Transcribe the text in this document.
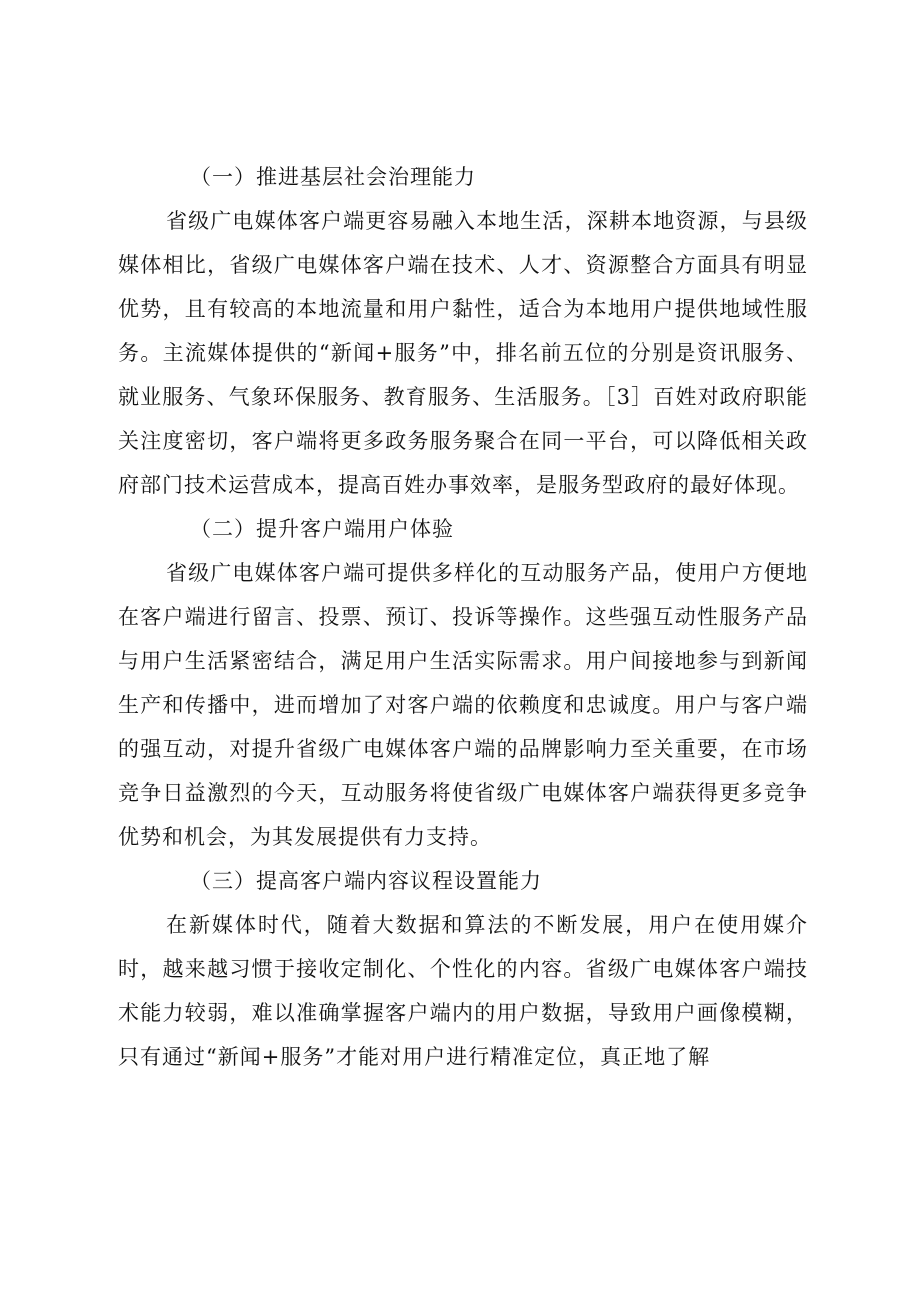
（一）推进基层社会治理能力

省级广电媒体客户端更容易融入本地生活，深耕本地资源，与县级媒体相比，省级广电媒体客户端在技术、人才、资源整合方面具有明显优势，且有较高的本地流量和用户黏性，适合为本地用户提供地域性服务。主流媒体提供的“新闻+服务”中，排名前五位的分别是资讯服务、就业服务、气象环保服务、教育服务、生活服务。［3］百姓对政府职能关注度密切，客户端将更多政务服务聚合在同一平台，可以降低相关政府部门技术运营成本，提高百姓办事效率，是服务型政府的最好体现。

（二）提升客户端用户体验

省级广电媒体客户端可提供多样化的互动服务产品，使用户方便地在客户端进行留言、投票、预订、投诉等操作。这些强互动性服务产品与用户生活紧密结合，满足用户生活实际需求。用户间接地参与到新闻生产和传播中，进而增加了对客户端的依赖度和忠诚度。用户与客户端的强互动，对提升省级广电媒体客户端的品牌影响力至关重要，在市场竞争日益激烈的今天，互动服务将使省级广电媒体客户端获得更多竞争优势和机会，为其发展提供有力支持。

（三）提高客户端内容议程设置能力

在新媒体时代，随着大数据和算法的不断发展，用户在使用媒介时，越来越习惯于接收定制化、个性化的内容。省级广电媒体客户端技术能力较弱，难以准确掌握客户端内的用户数据，导致用户画像模糊，只有通过“新闻+服务”才能对用户进行精准定位，真正地了解
